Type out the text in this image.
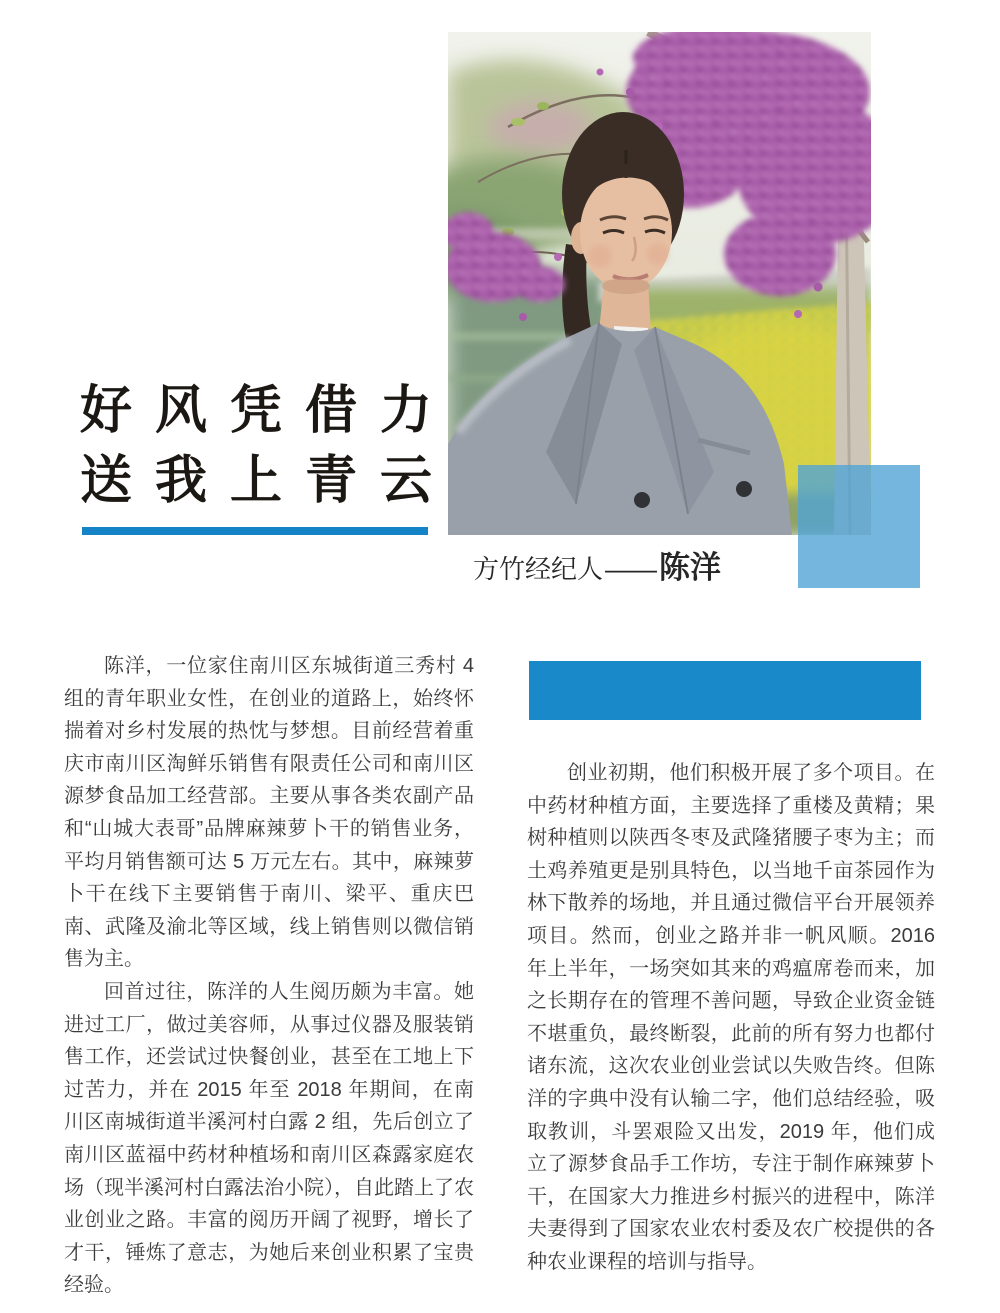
好风凭借力
送我上青云
方竹经纪人 —— 陈洋

陈洋，一位家住南川区东城街道三秀村 4 组的青年职业女性，在创业的道路上，始终怀揣着对乡村发展的热忱与梦想。目前经营着重庆市南川区淘鲜乐销售有限责任公司和南川区源梦食品加工经营部。主要从事各类农副产品和“山城大表哥”品牌麻辣萝卜干的销售业务，平均月销售额可达 5 万元左右。其中，麻辣萝卜干在线下主要销售于南川、梁平、重庆巴南、武隆及渝北等区域，线上销售则以微信销售为主。

回首过往，陈洋的人生阅历颇为丰富。她进过工厂，做过美容师，从事过仪器及服装销售工作，还尝试过快餐创业，甚至在工地上下过苦力，并在 2015 年至 2018 年期间，在南川区南城街道半溪河村白露 2 组，先后创立了南川区蓝福中药材种植场和南川区森露家庭农场（现半溪河村白露法治小院），自此踏上了农业创业之路。丰富的阅历开阔了视野，增长了才干，锤炼了意志，为她后来创业积累了宝贵经验。

创业初期，他们积极开展了多个项目。在中药材种植方面，主要选择了重楼及黄精；果树种植则以陕西冬枣及武隆猪腰子枣为主；而土鸡养殖更是别具特色，以当地千亩茶园作为林下散养的场地，并且通过微信平台开展领养项目。然而，创业之路并非一帆风顺。2016 年上半年，一场突如其来的鸡瘟席卷而来，加之长期存在的管理不善问题，导致企业资金链不堪重负，最终断裂，此前的所有努力也都付诸东流，这次农业创业尝试以失败告终。但陈洋的字典中没有认输二字，他们总结经验，吸取教训，斗罢艰险又出发，2019 年，他们成立了源梦食品手工作坊，专注于制作麻辣萝卜干，在国家大力推进乡村振兴的进程中，陈洋夫妻得到了国家农业农村委及农广校提供的各种农业课程的培训与指导。
